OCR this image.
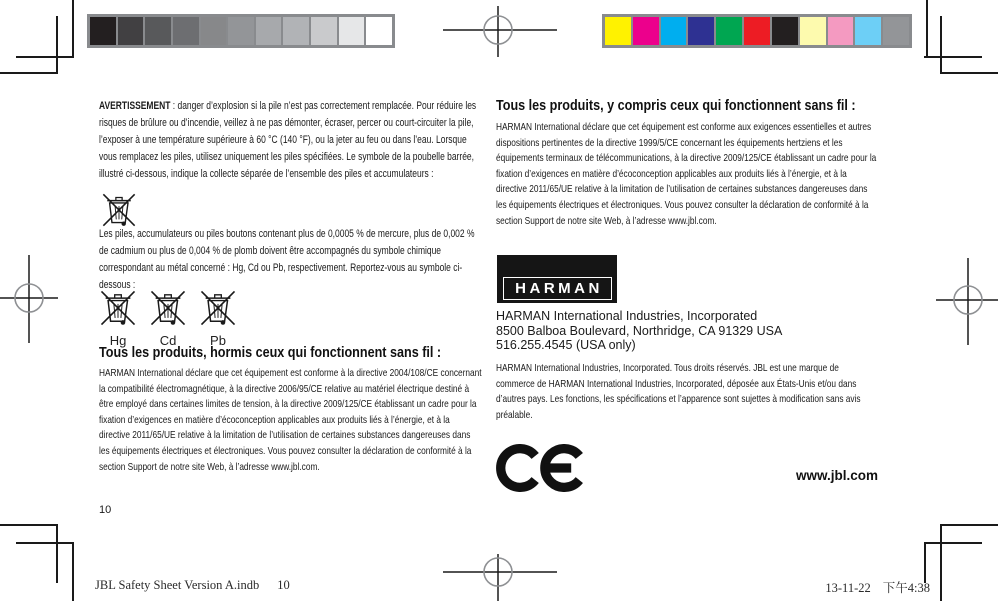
AVERTISSEMENT : danger d’explosion si la pile n’est pas correctement remplacée. Pour réduire les risques de brûlure ou d’incendie, veillez à ne pas démonter, écraser, percer ou court-circuiter la pile, l’exposer à une température supérieure à 60 °C (140 °F), ou la jeter au feu ou dans l’eau. Lorsque vous remplacez les piles, utilisez uniquement les piles spécifiées. Le symbole de la poubelle barrée, illustré ci-dessous, indique la collecte séparée de l’ensemble des piles et accumulateurs :

Les piles, accumulateurs ou piles boutons contenant plus de 0,0005 % de mercure, plus de 0,002 % de cadmium ou plus de 0,004 % de plomb doivent être accompagnés du symbole chimique correspondant au métal concerné : Hg, Cd ou Pb, respectivement. Reportez-vous au symbole ci-dessous :

Hg	Cd	Pb
Tous les produits, hormis ceux qui fonctionnent sans fil :

HARMAN International déclare que cet équipement est conforme à la directive 2004/108/CE concernant la compatibilité électromagnétique, à la directive 2006/95/CE relative au matériel électrique destiné à être employé dans certaines limites de tension, à la directive 2009/125/CE établissant un cadre pour la fixation d’exigences en matière d’écoconception applicables aux produits liés à l’énergie, et à la directive 2011/65/UE relative à la limitation de l’utilisation de certaines substances dangereuses dans les équipements électriques et électroniques. Vous pouvez consulter la déclaration de conformité à la section Support de notre site Web, à l’adresse www.jbl.com.

10
Tous les produits, y compris ceux qui fonctionnent sans fil :

HARMAN International déclare que cet équipement est conforme aux exigences essentielles et autres dispositions pertinentes de la directive 1999/5/CE concernant les équipements hertziens et les équipements terminaux de télécommunications, à la directive 2009/125/CE établissant un cadre pour la fixation d’exigences en matière d’écoconception applicables aux produits liés à l’énergie, et à la directive 2011/65/UE relative à la limitation de l’utilisation de certaines substances dangereuses dans les équipements électriques et électroniques. Vous pouvez consulter la déclaration de conformité à la section Support de notre site Web, à l’adresse www.jbl.com.

HARMAN
HARMAN International Industries, Incorporated
8500 Balboa Boulevard, Northridge, CA 91329 USA
516.255.4545 (USA only)

HARMAN International Industries, Incorporated. Tous droits réservés. JBL est une marque de commerce de HARMAN International Industries, Incorporated, déposée aux États-Unis et/ou dans d’autres pays. Les fonctions, les spécifications et l’apparence sont sujettes à modification sans avis préalable.

www.jbl.com
JBL Safety Sheet Version A.indb 10	13-11-22 下午4:38
